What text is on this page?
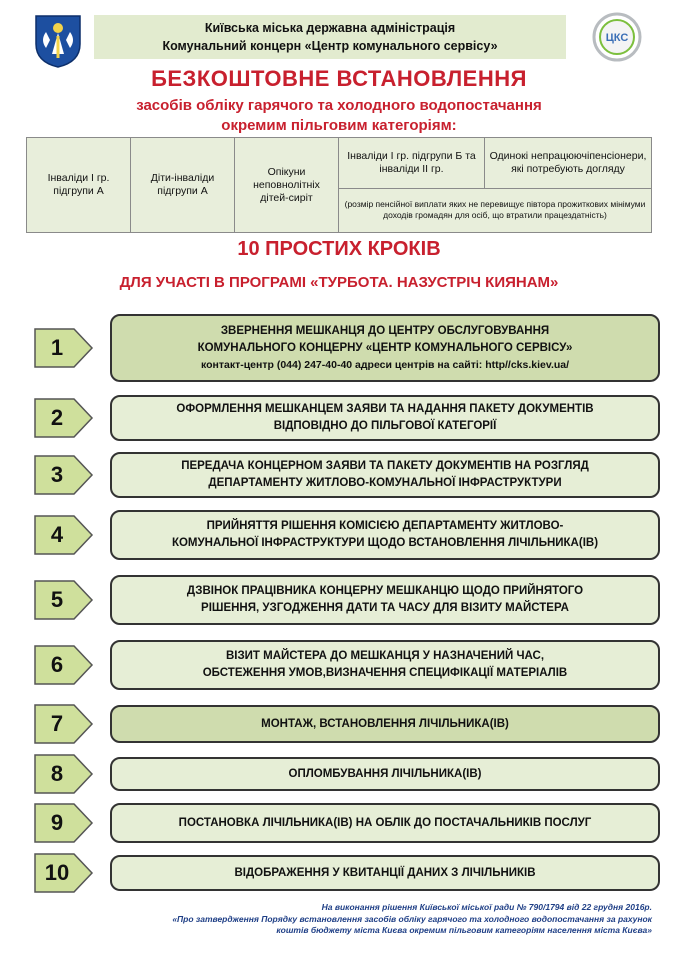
Київська міська державна адміністрація
Комунальний концерн «Центр комунального сервісу»
ЦКС
БЕЗКОШТОВНЕ ВСТАНОВЛЕННЯ
засобів обліку гарячого та холодного водопостачання
окремим пільговим категоріям:
Інваліди І гр. підгрупи А	Діти-інваліди підгрупи А	Опікуни неповнолітніх дітей-сиріт	Інваліди І гр. підгрупи Б та інваліди ІІ гр.	Одинокі непрацюючіпенсіонери, які потребують догляду
(розмір пенсійної виплати яких не перевищує півтора прожиткових мінімуми доходів громадян для осіб, що втратили працездатність)
10 ПРОСТИХ КРОКІВ
ДЛЯ УЧАСТІ В ПРОГРАМІ «ТУРБОТА. НАЗУСТРІЧ КИЯНАМ»
1
ЗВЕРНЕННЯ МЕШКАНЦЯ ДО ЦЕНТРУ ОБСЛУГОВУВАННЯ
КОМУНАЛЬНОГО КОНЦЕРНУ «ЦЕНТР КОМУНАЛЬНОГО СЕРВІСУ»
контакт-центр (044) 247-40-40 адреси центрів на сайті: http//cks.kiev.ua/
2	ОФОРМЛЕННЯ МЕШКАНЦЕМ ЗАЯВИ ТА НАДАННЯ ПАКЕТУ ДОКУМЕНТІВ
ВІДПОВІДНО ДО ПІЛЬГОВОЇ КАТЕГОРІЇ
3	ПЕРЕДАЧА КОНЦЕРНОМ ЗАЯВИ ТА ПАКЕТУ ДОКУМЕНТІВ НА РОЗГЛЯД
ДЕПАРТАМЕНТУ ЖИТЛОВО-КОМУНАЛЬНОЇ ІНФРАСТРУКТУРИ
4	ПРИЙНЯТТЯ РІШЕННЯ КОМІСІЄЮ ДЕПАРТАМЕНТУ ЖИТЛОВО-
КОМУНАЛЬНОЇ ІНФРАСТРУКТУРИ ЩОДО ВСТАНОВЛЕННЯ ЛІЧІЛЬНИКА(ІВ)
5	ДЗВІНОК ПРАЦІВНИКА КОНЦЕРНУ МЕШКАНЦЮ ЩОДО ПРИЙНЯТОГО
РІШЕННЯ, УЗГОДЖЕННЯ ДАТИ ТА ЧАСУ ДЛЯ ВІЗИТУ МАЙСТЕРА
6	ВІЗИТ МАЙСТЕРА ДО МЕШКАНЦЯ У НАЗНАЧЕНИЙ ЧАС,
ОБСТЕЖЕННЯ УМОВ,ВИЗНАЧЕННЯ СПЕЦИФІКАЦІЇ МАТЕРІАЛІВ
7	МОНТАЖ, ВСТАНОВЛЕННЯ ЛІЧІЛЬНИКА(ІВ)
8	ОПЛОМБУВАННЯ ЛІЧІЛЬНИКА(ІВ)
9	ПОСТАНОВКА ЛІЧІЛЬНИКА(ІВ) НА ОБЛІК ДО ПОСТАЧАЛЬНИКІВ ПОСЛУГ
10	ВІДОБРАЖЕННЯ У КВИТАНЦІЇ ДАНИХ З ЛІЧІЛЬНИКІВ
На виконання рішення Київської міської ради № 790/1794 від 22 грудня 2016р.
«Про затвердження Порядку встановлення засобів обліку гарячого та холодного водопостачання за рахунок
коштів бюджету міста Києва окремим пільговим категоріям населення міста Києва»
